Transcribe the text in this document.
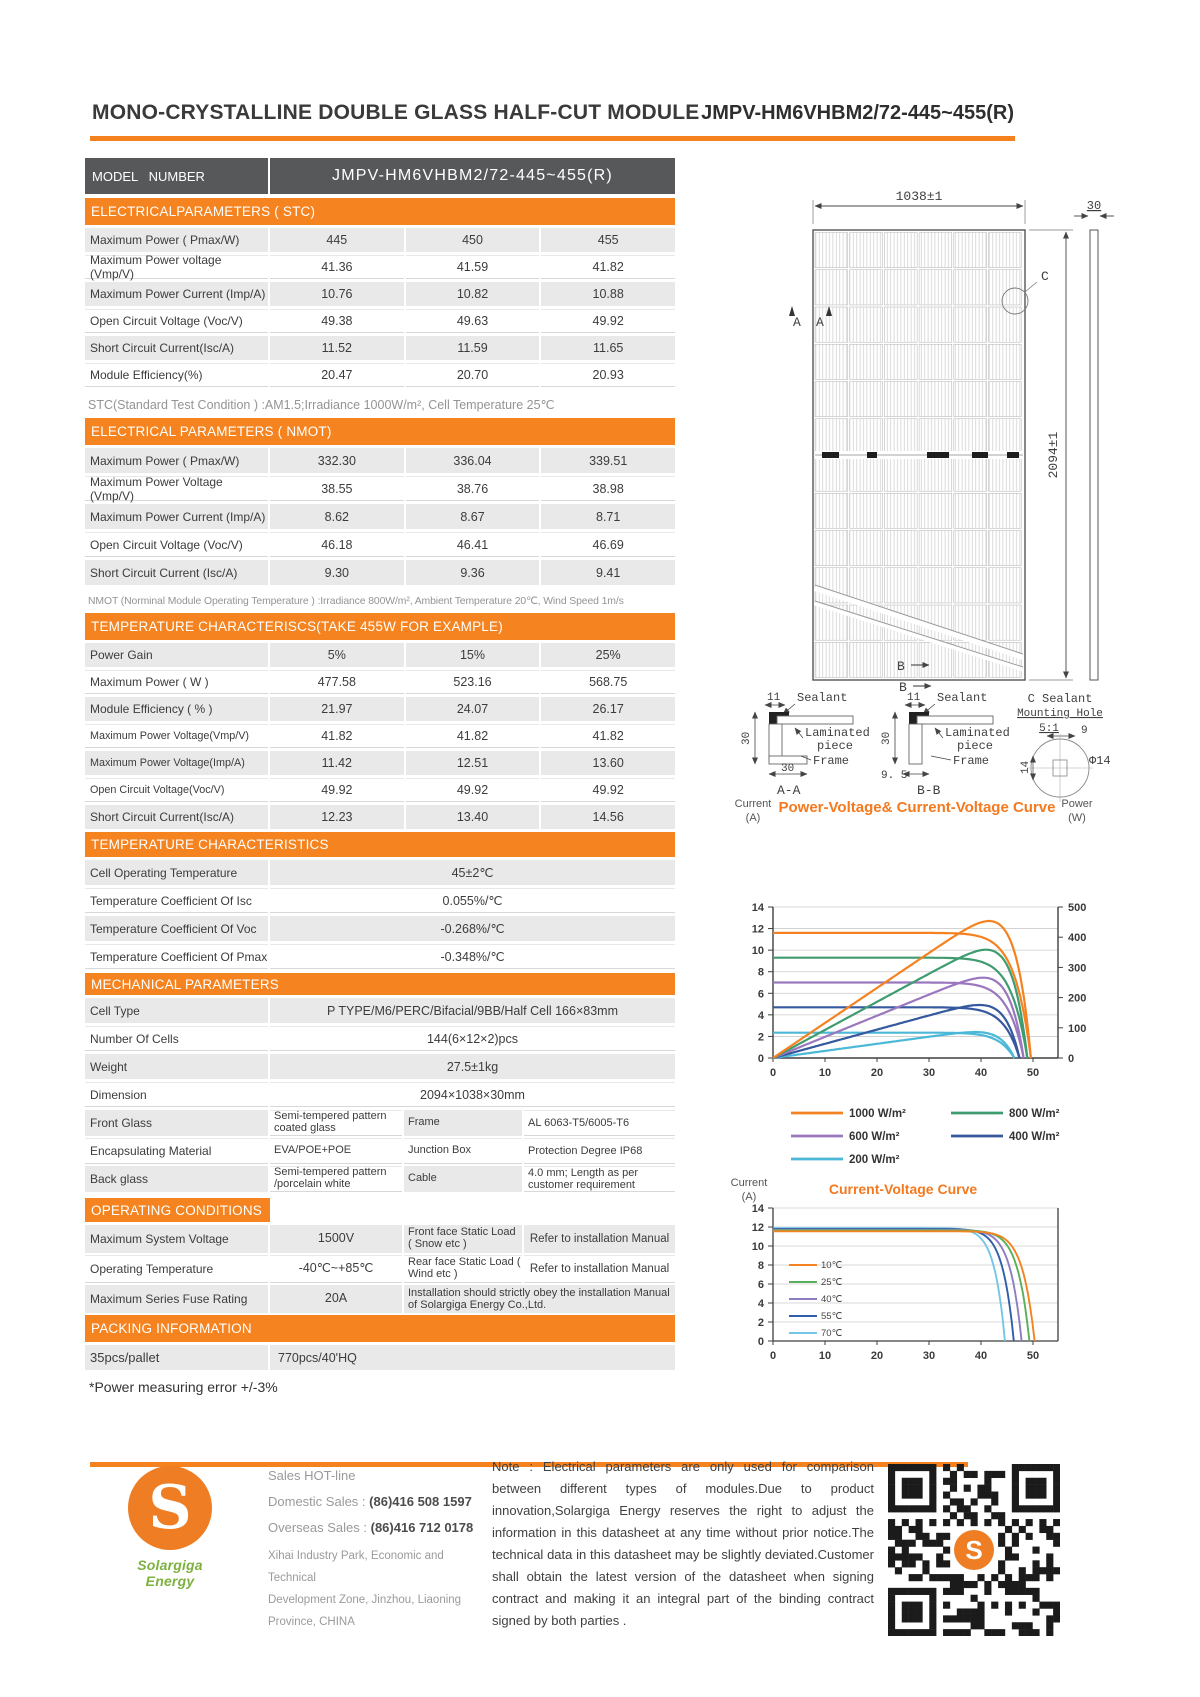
MONO-CRYSTALLINE DOUBLE GLASS HALF-CUT MODULE JMPV-HM6VHBM2/72-445~455(R)
MODEL   NUMBER	JMPV-HM6VHBM2/72-445~455(R)
ELECTRICALPARAMETERS ( STC)
Maximum Power ( Pmax/W)	445	450	455
Maximum Power voltage (Vmp/V)	41.36	41.59	41.82
Maximum Power Current (Imp/A)	10.76	10.82	10.88
Open Circuit Voltage (Voc/V)	49.38	49.63	49.92
Short Circuit Current(Isc/A)	11.52	11.59	11.65
Module Efficiency(%)	20.47	20.70	20.93
STC(Standard Test Condition ) :AM1.5;Irradiance 1000W/m², Cell Temperature 25℃
ELECTRICAL PARAMETERS ( NMOT)
Maximum Power ( Pmax/W)	332.30	336.04	339.51
Maximum Power Voltage (Vmp/V)	38.55	38.76	38.98
Maximum Power Current (Imp/A)	8.62	8.67	8.71
Open Circuit Voltage (Voc/V)	46.18	46.41	46.69
Short Circuit Current (Isc/A)	9.30	9.36	9.41
NMOT (Norminal Module Operating Temperature ) :Irradiance 800W/m², Ambient Temperature 20℃, Wind Speed 1m/s
TEMPERATURE CHARACTERISCS(TAKE 455W FOR EXAMPLE)
Power Gain	5%	15%	25%
Maximum Power ( W )	477.58	523.16	568.75
Module Efficiency ( % )	21.97	24.07	26.17
Maximum Power Voltage(Vmp/V)	41.82	41.82	41.82
Maximum Power Voltage(Imp/A)	11.42	12.51	13.60
Open Circuit Voltage(Voc/V)	49.92	49.92	49.92
Short Circuit Current(Isc/A)	12.23	13.40	14.56
TEMPERATURE CHARACTERISTICS
Cell Operating Temperature	45±2℃
Temperature Coefficient Of Isc	0.055%/℃
Temperature Coefficient Of Voc	-0.268%/℃
Temperature Coefficient Of Pmax	-0.348%/℃
MECHANICAL PARAMETERS
Cell Type	P TYPE/M6/PERC/Bifacial/9BB/Half Cell 166×83mm
Number Of Cells	144(6×12×2)pcs
Weight	27.5±1kg
Dimension	2094×1038×30mm
Front Glass	Semi-tempered pattern coated glass	Frame	AL 6063-T5/6005-T6
Encapsulating Material	EVA/POE+POE	Junction Box	Protection Degree IP68
Back glass	Semi-tempered pattern /porcelain white	Cable	4.0 mm; Length as per customer requirement
OPERATING CONDITIONS
Maximum System Voltage	1500V	Front face Static Load ( Snow etc )	Refer to installation Manual
Operating Temperature	-40℃~+85℃	Rear face Static Load ( Wind etc )	Refer to installation Manual
Maximum Series Fuse Rating	20A	Installation should strictly obey the installation Manual of Solargiga Energy Co.,Ltd.
PACKING INFORMATION
35pcs/pallet	770pcs/40'HQ
*Power measuring error +/-3%
1038±1
2094±1
30
C
A A
B
B
11 Sealant
Laminated
piece
30
Frame
30
A-A
11 Sealant
Laminated
piece
30
Frame
9. 5
B-B
C Sealant
Mounting Hole
5:1 9
Φ14
14
Current
(A)
Power-Voltage& Current-Voltage Curve Power
(W)
0
2
4
6
8
10
12
14
0
100
200
300
400
500
0	10	20	30	40	50
1000 W/m²	800 W/m²
600 W/m²	400 W/m²
200 W/m²
Current
(A)	Current-Voltage Curve
0
2
4
6
8
10
12
14
0	10	20	30	40	50
10℃
25℃
40℃
55℃
70℃
S
Solargiga Energy
Sales HOT-line
Domestic Sales : (86)416 508 1597
Overseas Sales : (86)416 712 0178
Xihai Industry Park, Economic and Technical
Development Zone, Jinzhou, Liaoning
Province, CHINA
Note : Electrical parameters are only used for comparison between different types of modules.Due to product innovation,Solargiga Energy reserves the right to adjust the information in this datasheet at any time without prior notice.The technical data in this datasheet may be slightly deviated.Customer shall obtain the latest version of the datasheet when signing contract and making it an integral part of the binding contract signed by both parties .
S
